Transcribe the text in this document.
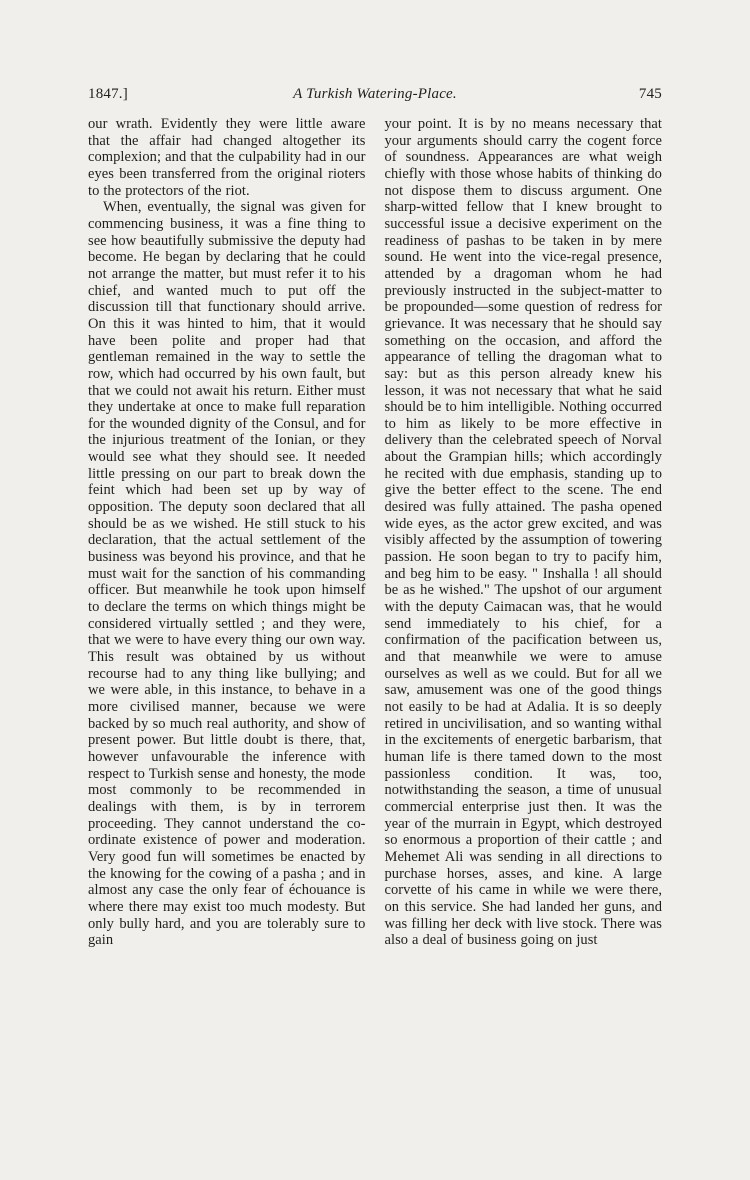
1847.]	A Turkish Watering-Place.	745

our wrath. Evidently they were little aware that the affair had changed altogether its complexion; and that the culpability had in our eyes been transferred from the original rioters to the protectors of the riot.

When, eventually, the signal was given for commencing business, it was a fine thing to see how beautifully submissive the deputy had become. He began by declaring that he could not arrange the matter, but must refer it to his chief, and wanted much to put off the discussion till that functionary should arrive. On this it was hinted to him, that it would have been polite and proper had that gentleman remained in the way to settle the row, which had occurred by his own fault, but that we could not await his return. Either must they undertake at once to make full reparation for the wounded dignity of the Consul, and for the injurious treatment of the Ionian, or they would see what they should see. It needed little pressing on our part to break down the feint which had been set up by way of opposition. The deputy soon declared that all should be as we wished. He still stuck to his declaration, that the actual settlement of the business was beyond his province, and that he must wait for the sanction of his commanding officer. But meanwhile he took upon himself to declare the terms on which things might be considered virtually settled ; and they were, that we were to have every thing our own way. This result was obtained by us without recourse had to any thing like bullying; and we were able, in this instance, to behave in a more civilised manner, because we were backed by so much real authority, and show of present power. But little doubt is there, that, however unfavourable the inference with respect to Turkish sense and honesty, the mode most commonly to be recommended in dealings with them, is by in terrorem proceeding. They cannot understand the co-ordinate existence of power and moderation. Very good fun will sometimes be enacted by the knowing for the cowing of a pasha ; and in almost any case the only fear of échouance is where there may exist too much modesty. But only bully hard, and you are tolerably sure to gain

your point. It is by no means necessary that your arguments should carry the cogent force of soundness. Appearances are what weigh chiefly with those whose habits of thinking do not dispose them to discuss argument. One sharp-witted fellow that I knew brought to successful issue a decisive experiment on the readiness of pashas to be taken in by mere sound. He went into the vice-regal presence, attended by a dragoman whom he had previously instructed in the subject-matter to be propounded—some question of redress for grievance. It was necessary that he should say something on the occasion, and afford the appearance of telling the dragoman what to say: but as this person already knew his lesson, it was not necessary that what he said should be to him intelligible. Nothing occurred to him as likely to be more effective in delivery than the celebrated speech of Norval about the Grampian hills; which accordingly he recited with due emphasis, standing up to give the better effect to the scene. The end desired was fully attained. The pasha opened wide eyes, as the actor grew excited, and was visibly affected by the assumption of towering passion. He soon began to try to pacify him, and beg him to be easy. " Inshalla ! all should be as he wished." The upshot of our argument with the deputy Caimacan was, that he would send immediately to his chief, for a confirmation of the pacification between us, and that meanwhile we were to amuse ourselves as well as we could. But for all we saw, amusement was one of the good things not easily to be had at Adalia. It is so deeply retired in uncivilisation, and so wanting withal in the excitements of energetic barbarism, that human life is there tamed down to the most passionless condition. It was, too, notwithstanding the season, a time of unusual commercial enterprise just then. It was the year of the murrain in Egypt, which destroyed so enormous a proportion of their cattle ; and Mehemet Ali was sending in all directions to purchase horses, asses, and kine. A large corvette of his came in while we were there, on this service. She had landed her guns, and was filling her deck with live stock. There was also a deal of business going on just
